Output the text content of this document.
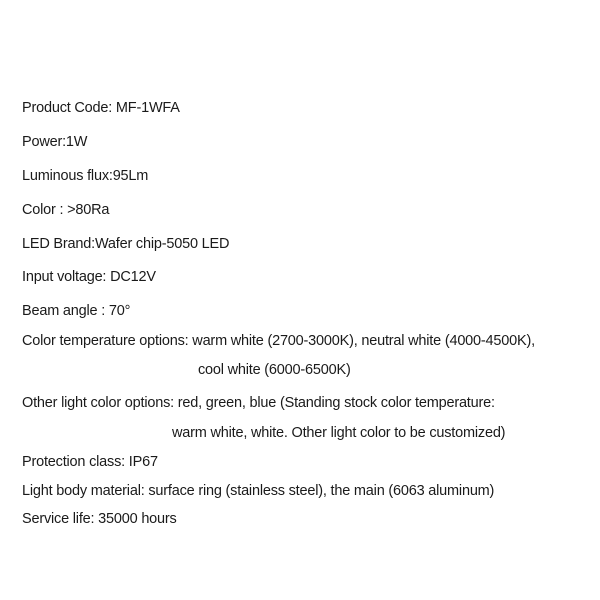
Product Code: MF-1WFA

Power:1W

Luminous flux:95Lm

Color : >80Ra

LED Brand:Wafer chip-5050 LED

Input voltage: DC12V

Beam angle : 70°

Color temperature options: warm white (2700-3000K), neutral white (4000-4500K),

cool white (6000-6500K)

Other light color options: red, green, blue (Standing stock color temperature:

warm white, white. Other light color to be customized)

Protection class: IP67

Light body material: surface ring (stainless steel), the main (6063 aluminum)

Service life: 35000 hours
